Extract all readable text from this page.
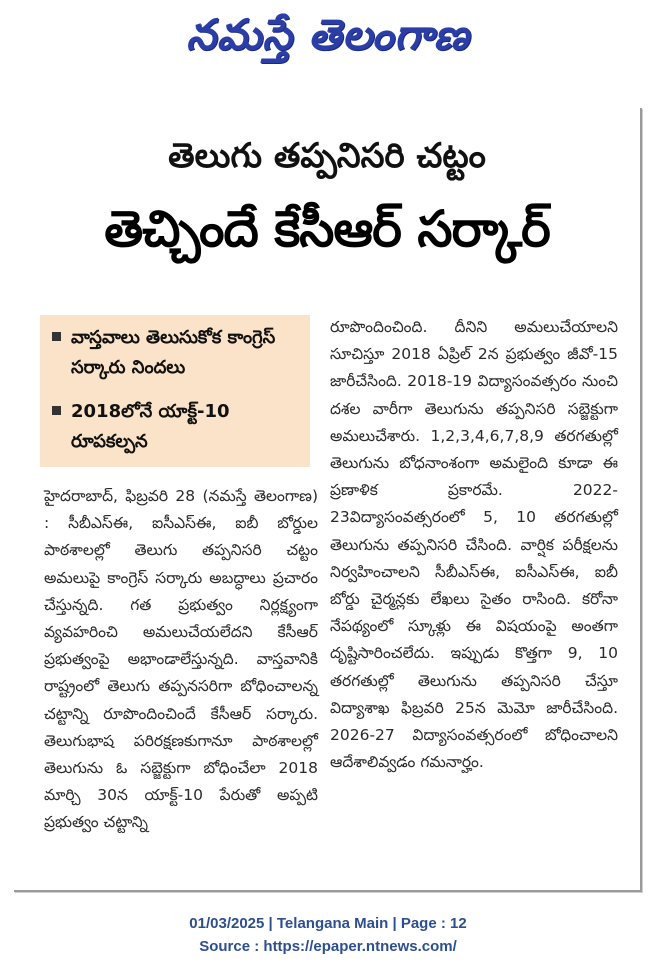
నమస్తే తెలంగాణ
తెలుగు తప్పనిసరి చట్టం
తెచ్చిందే కేసీఆర్ సర్కార్
వాస్తవాలు తెలుసుకోక కాంగ్రెస్ సర్కారు నిందలు
2018లోనే యాక్ట్-10 రూపకల్పన
హైదరాబాద్, ఫిబ్రవరి 28 (నమస్తే తెలంగాణ) : సీబీఎస్ఈ, ఐసీఎస్ఈ, ఐబీ బోర్డుల పాఠశాలల్లో తెలుగు తప్పనిసరి చట్టం అమలుపై కాంగ్రెస్ సర్కారు అబద్ధాలు ప్రచారం చేస్తున్నది. గత ప్రభుత్వం నిర్లక్ష్యంగా వ్యవహరించి అమలుచేయలేదని కేసీఆర్ ప్రభుత్వంపై అభాండాలేస్తున్నది. వాస్తవానికి రాష్ట్రంలో తెలుగు తప్పనసరిగా బోధించాలన్న చట్టాన్ని రూపొందించిందే కేసీఆర్ సర్కారు. తెలుగుభాష పరిరక్షణకుగానూ పాఠశాలల్లో తెలుగును ఓ సబ్జెక్టుగా బోధించేలా 2018 మార్చి 30న యాక్ట్-10 పేరుతో అప్పటి ప్రభుత్వం చట్టాన్ని
రూపొందించింది. దీనిని అమలుచేయాలని సూచిస్తూ 2018 ఏప్రిల్ 2న ప్రభుత్వం జీవో-15 జారీచేసింది. 2018-19 విద్యాసంవత్సరం నుంచి దశల వారీగా తెలుగును తప్పనిసరి సబ్జెక్టుగా అమలుచేశారు. 1,2,3,4,6,7,8,9 తరగతుల్లో తెలుగును బోధనాంశంగా అమలైంది కూడా ఈ ప్రణాళిక ప్రకారమే. 2022-23విద్యాసంవత్సరంలో 5, 10 తరగతుల్లో తెలుగును తప్పనిసరి చేసింది. వార్షిక పరీక్షలను నిర్వహించాలని సీబీఎస్ఈ, ఐసీఎస్ఈ, ఐబీ బోర్డు చైర్మన్లకు లేఖలు సైతం రాసింది. కరోనా నేపథ్యంలో స్కూళ్లు ఈ విషయంపై అంతగా దృష్టిసారించలేదు. ఇప్పుడు కొత్తగా 9, 10 తరగతుల్లో తెలుగును తప్పనిసరి చేస్తూ విద్యాశాఖ ఫిబ్రవరి 25న మెమో జారీచేసింది. 2026-27 విద్యాసంవత్సరంలో బోధించాలని ఆదేశాలివ్వడం గమనార్హం.
01/03/2025 | Telangana Main | Page : 12
Source : https://epaper.ntnews.com/
